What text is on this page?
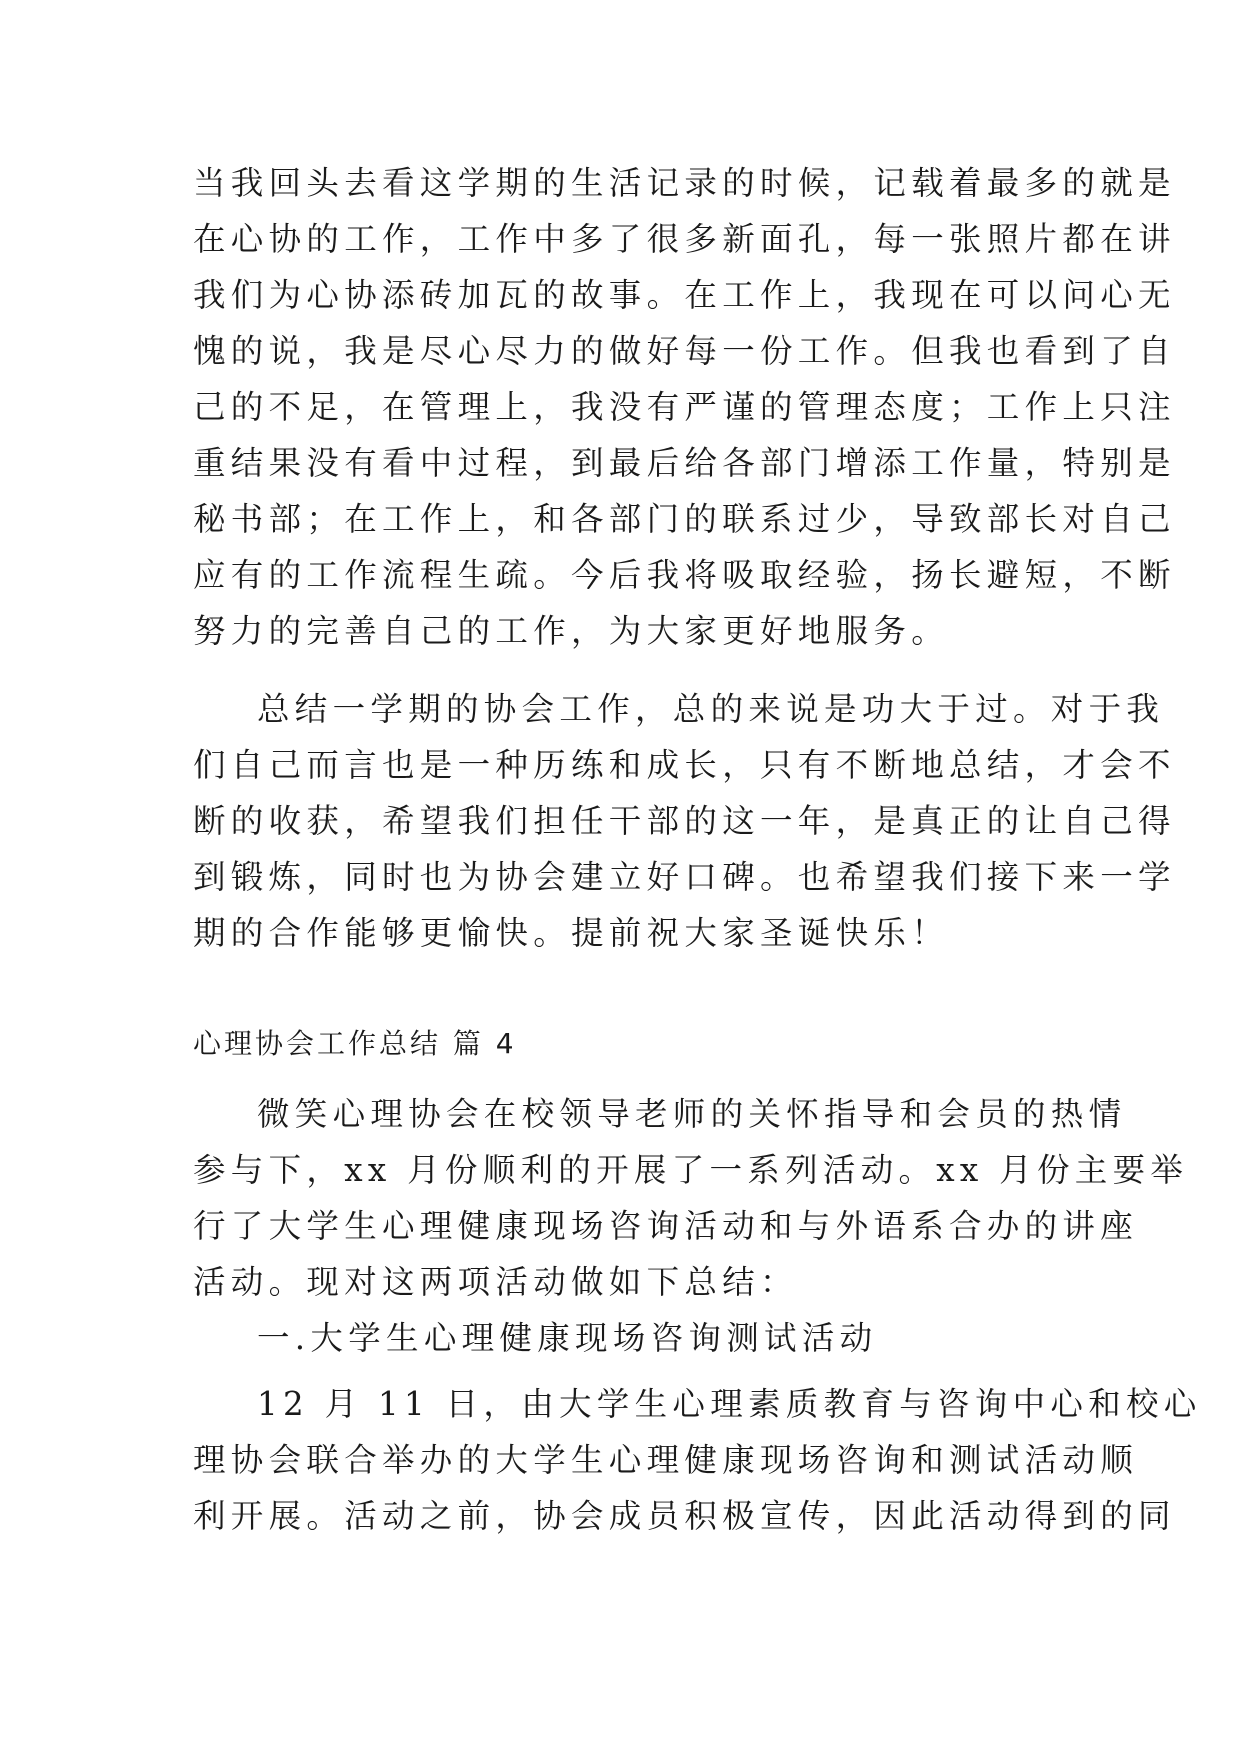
当我回头去看这学期的生活记录的时候，记载着最多的就是
在心协的工作，工作中多了很多新面孔，每一张照片都在讲
我们为心协添砖加瓦的故事。在工作上，我现在可以问心无
愧的说，我是尽心尽力的做好每一份工作。但我也看到了自
己的不足，在管理上，我没有严谨的管理态度；工作上只注
重结果没有看中过程，到最后给各部门增添工作量，特别是
秘书部；在工作上，和各部门的联系过少，导致部长对自己
应有的工作流程生疏。今后我将吸取经验，扬长避短，不断
努力的完善自己的工作，为大家更好地服务。
总结一学期的协会工作，总的来说是功大于过。对于我
们自己而言也是一种历练和成长，只有不断地总结，才会不
断的收获，希望我们担任干部的这一年，是真正的让自己得
到锻炼，同时也为协会建立好口碑。也希望我们接下来一学
期的合作能够更愉快。提前祝大家圣诞快乐！
心理协会工作总结 篇 4
微笑心理协会在校领导老师的关怀指导和会员的热情
参与下，xx 月份顺利的开展了一系列活动。xx 月份主要举
行了大学生心理健康现场咨询活动和与外语系合办的讲座
活动。现对这两项活动做如下总结：
一.大学生心理健康现场咨询测试活动
12 月 11 日，由大学生心理素质教育与咨询中心和校心
理协会联合举办的大学生心理健康现场咨询和测试活动顺
利开展。活动之前，协会成员积极宣传，因此活动得到的同
